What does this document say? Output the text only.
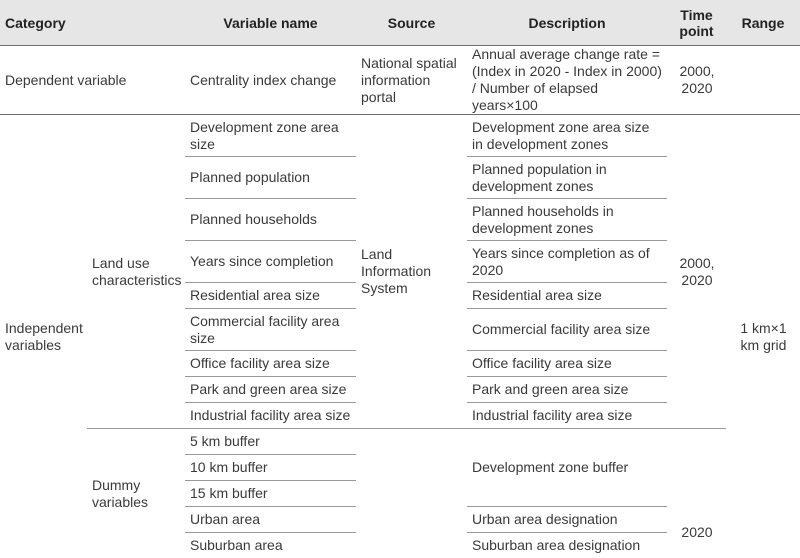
Category		Variable name	Source	Description	Time point	Range
Dependent variable		Centrality index change	National spatial information portal	Annual average change rate = (Index in 2020 - Index in 2000) / Number of elapsed years×100	2000, 2020	
Independent variables	Land use characteristics	Development zone area size	Land Information System	Development zone area size in development zones	2000, 2020	1 km×1 km grid
		Planned population		Planned population in development zones		
		Planned households		Planned households in development zones		
		Years since completion		Years since completion as of 2020		
		Residential area size		Residential area size		
		Commercial facility area size		Commercial facility area size		
		Office facility area size		Office facility area size		
		Park and green area size		Park and green area size		
		Industrial facility area size		Industrial facility area size		
	Dummy variables	5 km buffer		Development zone buffer		
		10 km buffer				
		15 km buffer				
		Urban area		Urban area designation	2020	
		Suburban area		Suburban area designation		
